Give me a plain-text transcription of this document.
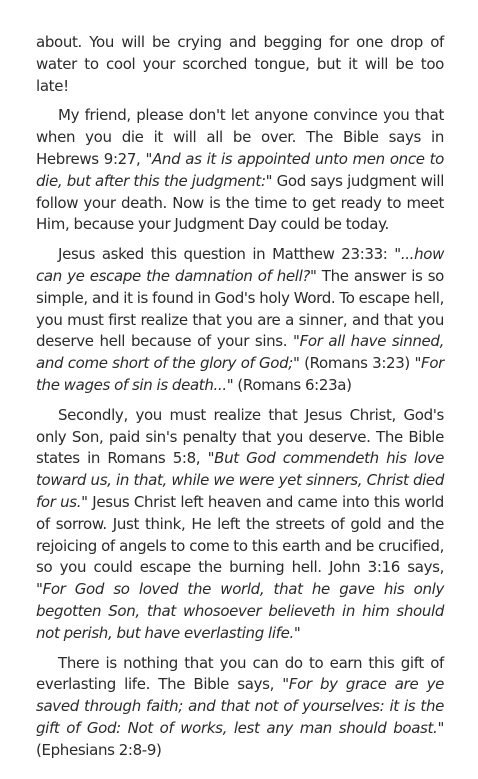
about. You will be crying and begging for one drop of water to cool your scorched tongue, but it will be too late!

My friend, please don't let anyone convince you that when you die it will all be over. The Bible says in Hebrews 9:27, "And as it is appointed unto men once to die, but after this the judgment:" God says judgment will follow your death. Now is the time to get ready to meet Him, because your Judgment Day could be today.

Jesus asked this question in Matthew 23:33: "...how can ye escape the damnation of hell?" The answer is so simple, and it is found in God's holy Word. To escape hell, you must first realize that you are a sinner, and that you deserve hell because of your sins. "For all have sinned, and come short of the glory of God;" (Romans 3:23) "For the wages of sin is death..." (Romans 6:23a)

Secondly, you must realize that Jesus Christ, God's only Son, paid sin's penalty that you deserve. The Bible states in Romans 5:8, "But God commendeth his love toward us, in that, while we were yet sinners, Christ died for us." Jesus Christ left heaven and came into this world of sorrow. Just think, He left the streets of gold and the rejoicing of angels to come to this earth and be crucified, so you could escape the burning hell. John 3:16 says, "For God so loved the world, that he gave his only begotten Son, that whosoever believeth in him should not perish, but have everlasting life."

There is nothing that you can do to earn this gift of everlasting life. The Bible says, "For by grace are ye saved through faith; and that not of yourselves: it is the gift of God: Not of works, lest any man should boast." (Ephesians 2:8-9)
